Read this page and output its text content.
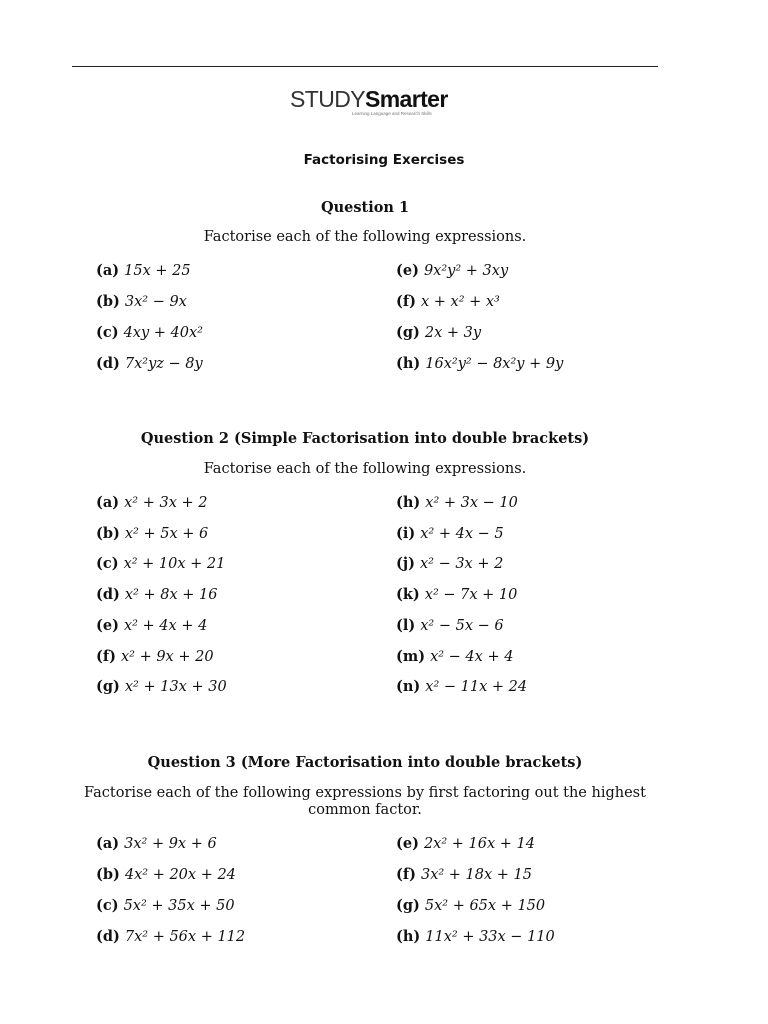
STUDYSmarter
Learning Language and Research Skills
Factorising Exercises
Question 1
Factorise each of the following expressions.
(a) 15x + 25
(b) 3x² − 9x
(c) 4xy + 40x²
(d) 7x²yz − 8y
(e) 9x²y² + 3xy
(f) x + x² + x³
(g) 2x + 3y
(h) 16x²y² − 8x²y + 9y
Question 2 (Simple Factorisation into double brackets)
Factorise each of the following expressions.
(a) x² + 3x + 2
(b) x² + 5x + 6
(c) x² + 10x + 21
(d) x² + 8x + 16
(e) x² + 4x + 4
(f) x² + 9x + 20
(g) x² + 13x + 30
(h) x² + 3x − 10
(i) x² + 4x − 5
(j) x² − 3x + 2
(k) x² − 7x + 10
(l) x² − 5x − 6
(m) x² − 4x + 4
(n) x² − 11x + 24
Question 3 (More Factorisation into double brackets)
Factorise each of the following expressions by first factoring out the highest common factor.
(a) 3x² + 9x + 6
(b) 4x² + 20x + 24
(c) 5x² + 35x + 50
(d) 7x² + 56x + 112
(e) 2x² + 16x + 14
(f) 3x² + 18x + 15
(g) 5x² + 65x + 150
(h) 11x² + 33x − 110
